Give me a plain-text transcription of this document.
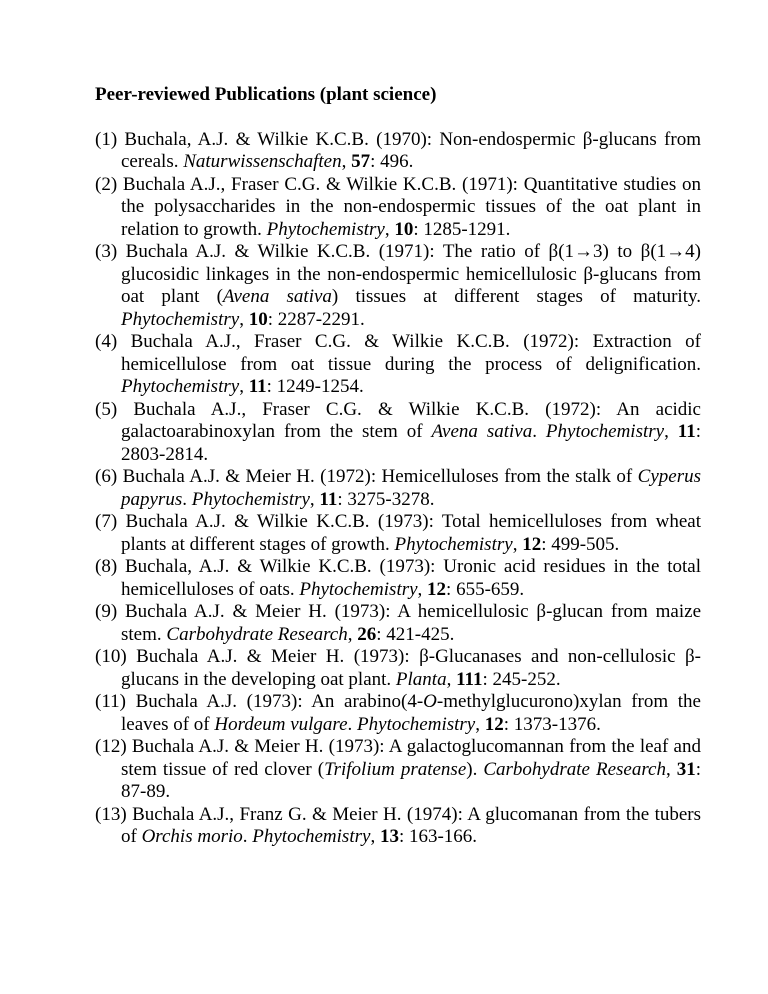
Peer-reviewed Publications (plant science)

(1) Buchala, A.J. & Wilkie K.C.B. (1970): Non-endospermic β-glucans from cereals. Naturwissenschaften, 57: 496.

(2) Buchala A.J., Fraser C.G. & Wilkie K.C.B. (1971): Quantitative studies on the polysaccharides in the non-endospermic tissues of the oat plant in relation to growth. Phytochemistry, 10: 1285-1291.

(3) Buchala A.J. & Wilkie K.C.B. (1971): The ratio of β(1→3) to β(1→4) glucosidic linkages in the non-endospermic hemicellulosic β-glucans from oat plant (Avena sativa) tissues at different stages of maturity. Phytochemistry, 10: 2287-2291.

(4) Buchala A.J., Fraser C.G. & Wilkie K.C.B. (1972): Extraction of hemicellulose from oat tissue during the process of delignification. Phytochemistry, 11: 1249-1254.

(5) Buchala A.J., Fraser C.G. & Wilkie K.C.B. (1972): An acidic galactoarabinoxylan from the stem of Avena sativa. Phytochemistry, 11: 2803-2814.

(6) Buchala A.J. & Meier H. (1972): Hemicelluloses from the stalk of Cyperus papyrus. Phytochemistry, 11: 3275-3278.

(7) Buchala A.J. & Wilkie K.C.B. (1973): Total hemicelluloses from wheat plants at different stages of growth. Phytochemistry, 12: 499-505.

(8) Buchala, A.J. & Wilkie K.C.B. (1973): Uronic acid residues in the total hemicelluloses of oats. Phytochemistry, 12: 655-659.

(9) Buchala A.J. & Meier H. (1973): A hemicellulosic β-glucan from maize stem. Carbohydrate Research, 26: 421-425.

(10) Buchala A.J. & Meier H. (1973): β-Glucanases and non-cellulosic β-glucans in the developing oat plant. Planta, 111: 245-252.

(11) Buchala A.J. (1973): An arabino(4-O-methylglucurono)xylan from the leaves of of Hordeum vulgare. Phytochemistry, 12: 1373-1376.

(12) Buchala A.J. & Meier H. (1973): A galactoglucomannan from the leaf and stem tissue of red clover (Trifolium pratense). Carbohydrate Research, 31: 87-89.

(13) Buchala A.J., Franz G. & Meier H. (1974): A glucomanan from the tubers of Orchis morio. Phytochemistry, 13: 163-166.
